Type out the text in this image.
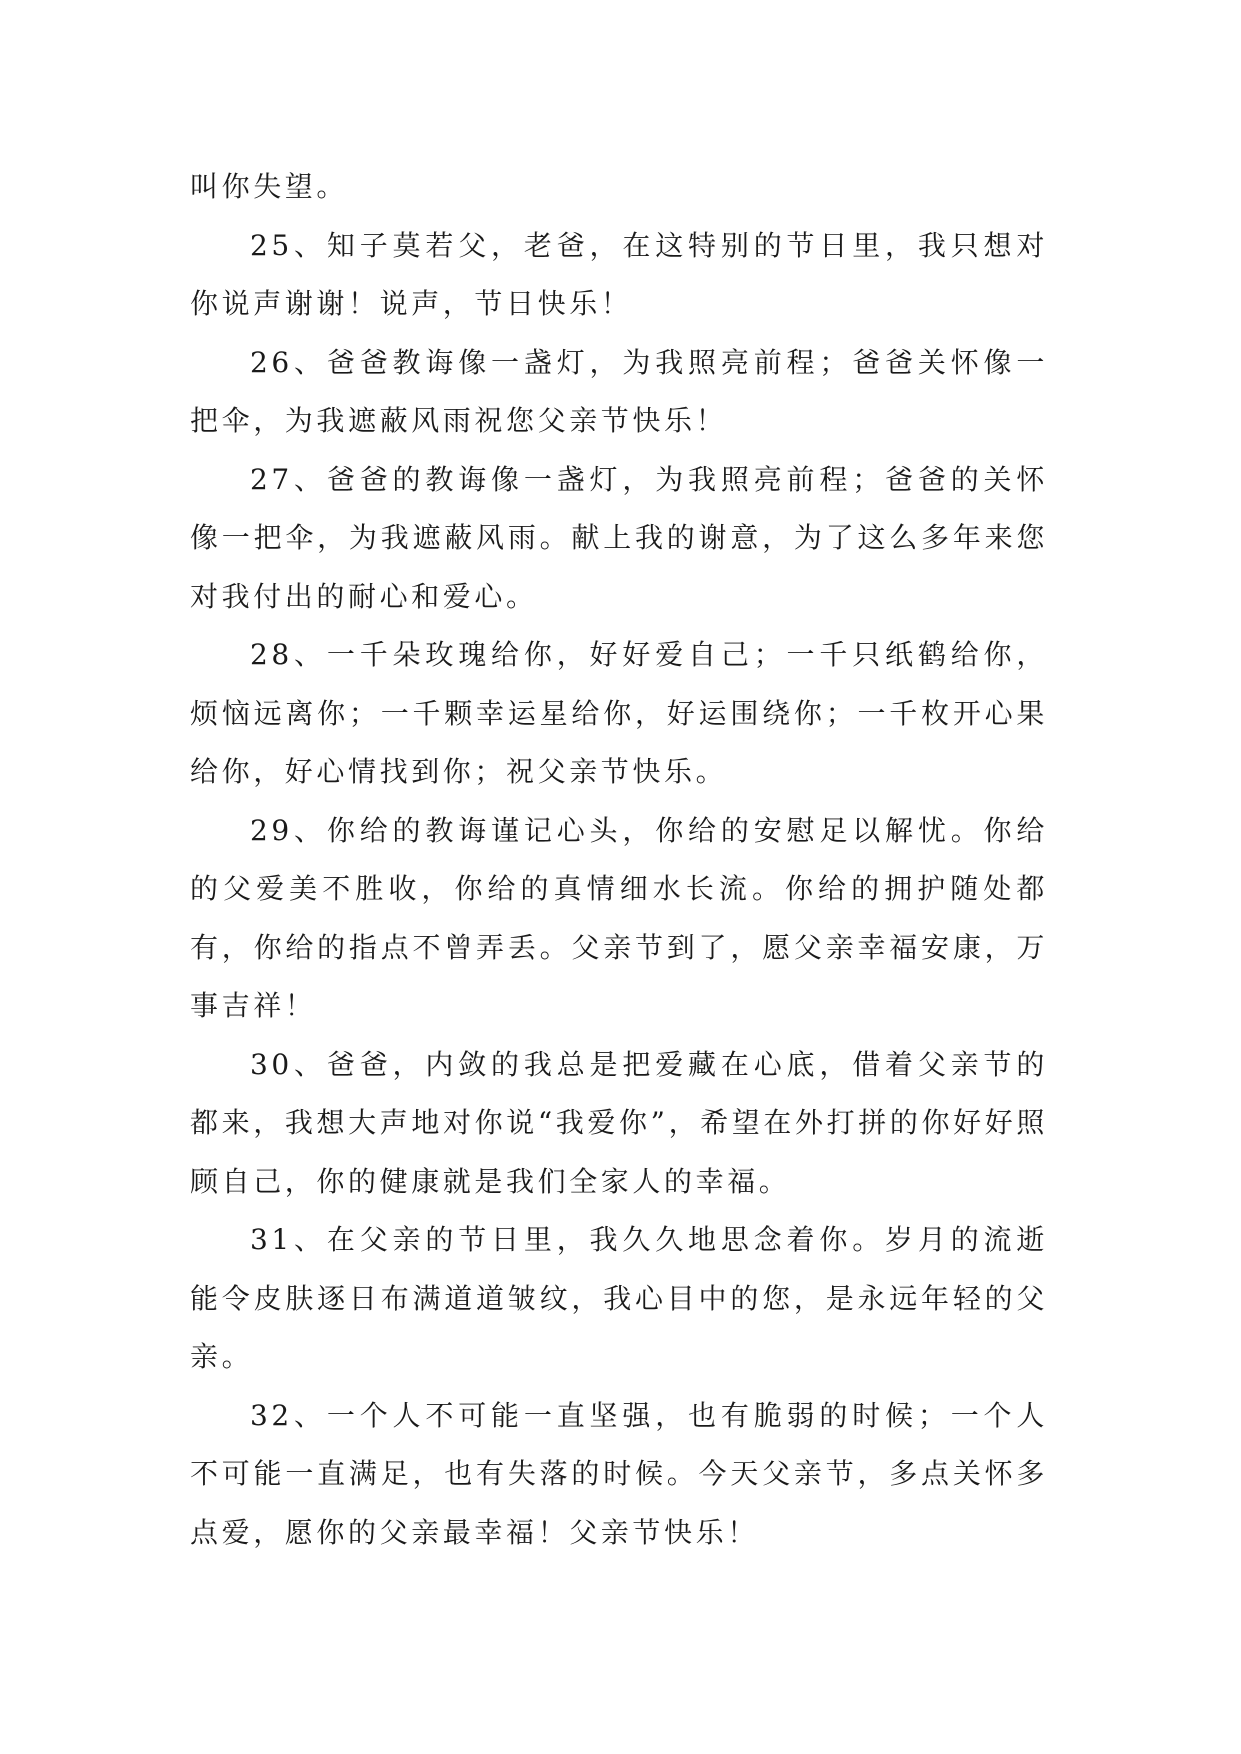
叫你失望。

25、知子莫若父，老爸，在这特别的节日里，我只想对你说声谢谢！说声，节日快乐！

26、爸爸教诲像一盏灯，为我照亮前程；爸爸关怀像一把伞，为我遮蔽风雨祝您父亲节快乐！

27、爸爸的教诲像一盏灯，为我照亮前程；爸爸的关怀像一把伞，为我遮蔽风雨。献上我的谢意，为了这么多年来您对我付出的耐心和爱心。

28、一千朵玫瑰给你，好好爱自己；一千只纸鹤给你，烦恼远离你；一千颗幸运星给你，好运围绕你；一千枚开心果给你，好心情找到你；祝父亲节快乐。

29、你给的教诲谨记心头，你给的安慰足以解忧。你给的父爱美不胜收，你给的真情细水长流。你给的拥护随处都有，你给的指点不曾弄丢。父亲节到了，愿父亲幸福安康，万事吉祥！

30、爸爸，内敛的我总是把爱藏在心底，借着父亲节的都来，我想大声地对你说“我爱你”，希望在外打拼的你好好照顾自己，你的健康就是我们全家人的幸福。

31、在父亲的节日里，我久久地思念着你。岁月的流逝能令皮肤逐日布满道道皱纹，我心目中的您，是永远年轻的父亲。

32、一个人不可能一直坚强，也有脆弱的时候；一个人不可能一直满足，也有失落的时候。今天父亲节，多点关怀多点爱，愿你的父亲最幸福！父亲节快乐！
